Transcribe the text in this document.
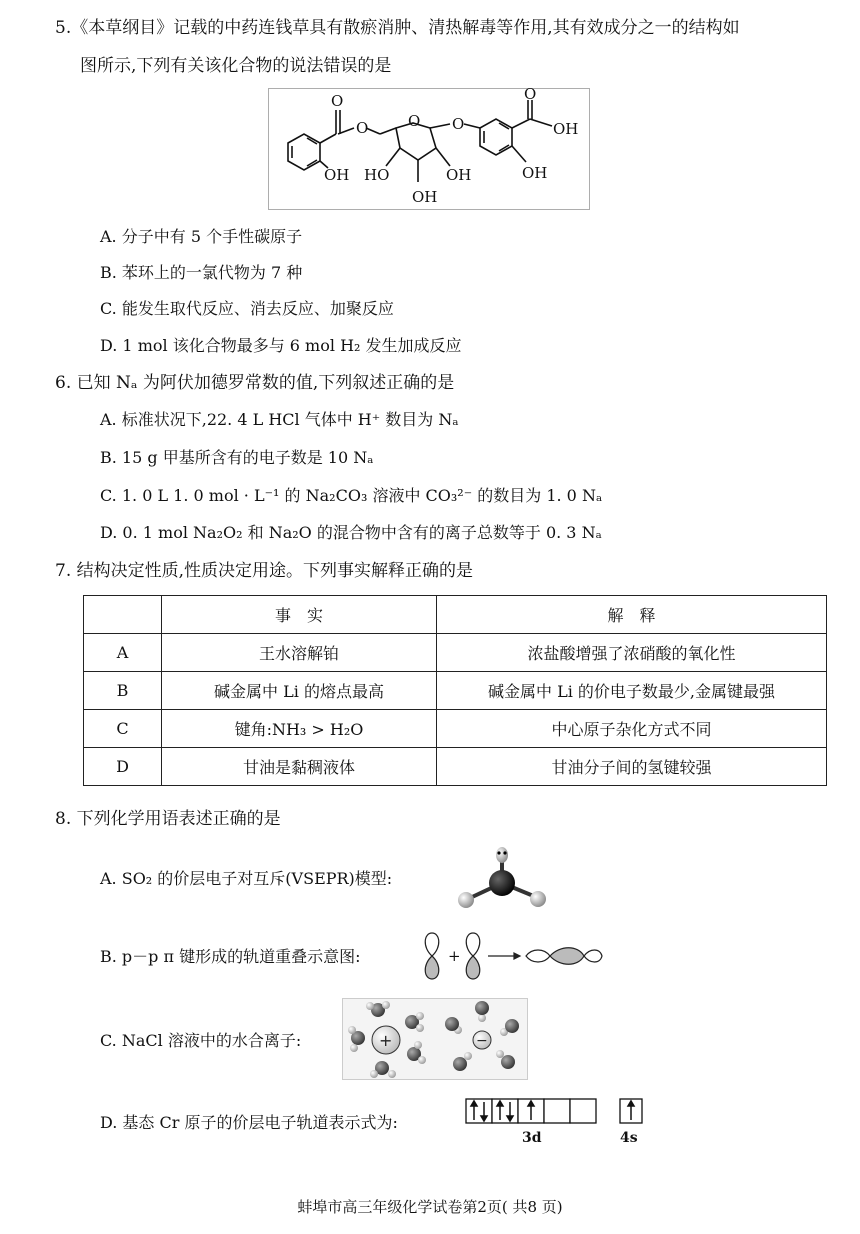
5.《本草纲目》记载的中药连钱草具有散瘀消肿、清热解毒等作用,其有效成分之一的结构如
图所示,下列有关该化合物的说法错误的是
O
O	O O
O
OH
OH HO	OH
OH
OH
A. 分子中有 5 个手性碳原子
B. 苯环上的一氯代物为 7 种
C. 能发生取代反应、消去反应、加聚反应
D. 1 mol 该化合物最多与 6 mol H₂ 发生加成反应
6. 已知 Nₐ 为阿伏加德罗常数的值,下列叙述正确的是
A. 标准状况下,22. 4 L HCl 气体中 H⁺ 数目为 Nₐ
B. 15 g 甲基所含有的电子数是 10 Nₐ
C. 1. 0 L 1. 0 mol · L⁻¹ 的 Na₂CO₃ 溶液中 CO₃²⁻ 的数目为 1. 0 Nₐ
D. 0. 1 mol Na₂O₂ 和 Na₂O 的混合物中含有的离子总数等于 0. 3 Nₐ
7. 结构决定性质,性质决定用途。下列事实解释正确的是
	事　实	解　释
A	王水溶解铂	浓盐酸增强了浓硝酸的氧化性
B	碱金属中 Li 的熔点最高	碱金属中 Li 的价电子数最少,金属键最强
C	键角:NH₃ > H₂O	中心原子杂化方式不同
D	甘油是黏稠液体	甘油分子间的氢键较强
8. 下列化学用语表述正确的是
A. SO₂ 的价层电子对互斥(VSEPR)模型:
B. p－p π 键形成的轨道重叠示意图:	+
C. NaCl 溶液中的水合离子:	+	−
D. 基态 Cr 原子的价层电子轨道表示式为:
3d	4s
蚌埠市高三年级化学试卷第2页( 共8 页)
